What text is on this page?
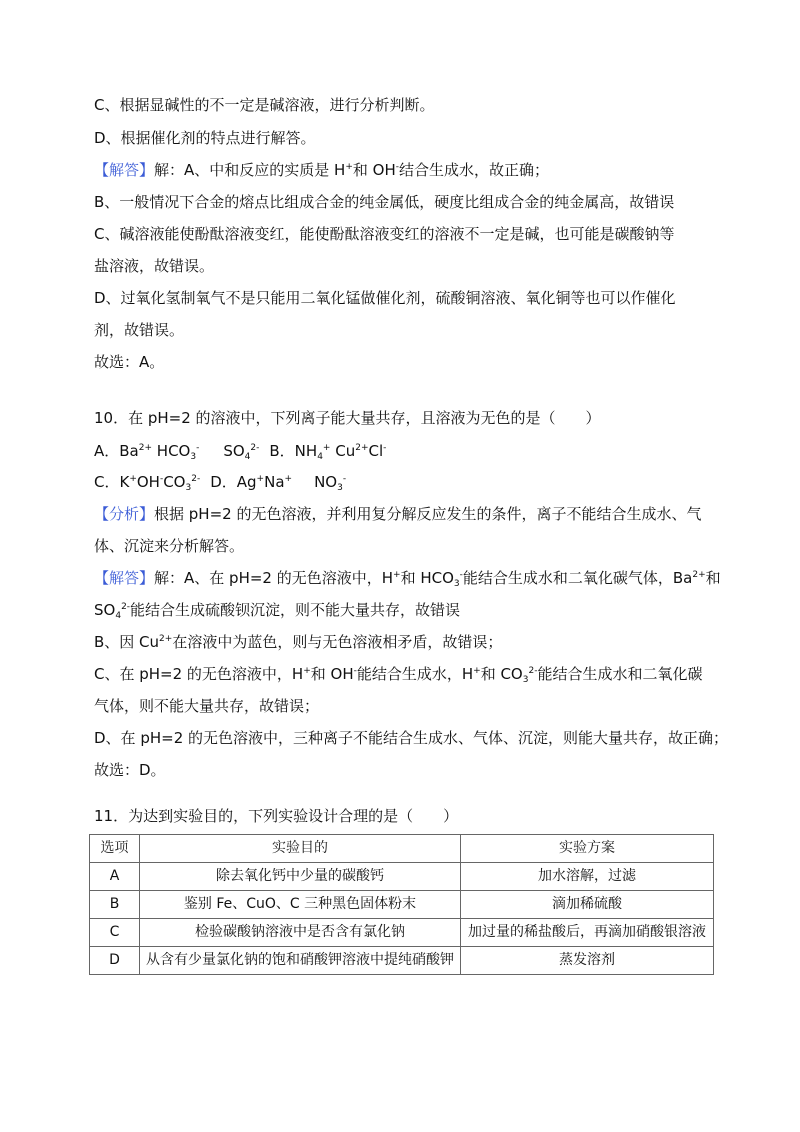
C、根据显碱性的不一定是碱溶液，进行分析判断。
D、根据催化剂的特点进行解答。
【解答】解：A、中和反应的实质是 H+和 OH-结合生成水，故正确；
B、一般情况下合金的熔点比组成合金的纯金属低，硬度比组成合金的纯金属高，故错误
C、碱溶液能使酚酞溶液变红，能使酚酞溶液变红的溶液不一定是碱，也可能是碳酸钠等
盐溶液，故错误。
D、过氧化氢制氧气不是只能用二氧化锰做催化剂，硫酸铜溶液、氧化铜等也可以作催化
剂，故错误。
故选：A。
10．在 pH=2 的溶液中，下列离子能大量共存，且溶液为无色的是（　　）
A．$Ba^{2+}$ $HCO_3^-$ $SO_4^{2-}$ B．$NH_4^+$ $Cu^{2+}Cl^-$
C．$K^+OH^-CO_3^{2-}$ D．Ag+Na+ $NO_3^-$
【分析】根据 pH=2 的无色溶液，并利用复分解反应发生的条件，离子不能结合生成水、气
体、沉淀来分析解答。
【解答】解：A、在 pH=2 的无色溶液中，H+和 $HCO_3^-$能结合生成水和二氧化碳气体，$Ba^{2+}$和
$SO_4^{2-}$能结合生成硫酸钡沉淀，则不能大量共存，故错误
B、因 $Cu^{2+}$在溶液中为蓝色，则与无色溶液相矛盾，故错误；
C、在 pH=2 的无色溶液中，H+和 OH-能结合生成水，H+和 $CO_3^{2-}$能结合生成水和二氧化碳
气体，则不能大量共存，故错误；
D、在 pH=2 的无色溶液中，三种离子不能结合生成水、气体、沉淀，则能大量共存，故正确；
故选：D。
11．为达到实验目的，下列实验设计合理的是（　　）
选项	实验目的	实验方案
A	除去氧化钙中少量的碳酸钙	加水溶解，过滤
B	鉴别 Fe、CuO、C 三种黑色固体粉末	滴加稀硫酸
C	检验碳酸钠溶液中是否含有氯化钠	加过量的稀盐酸后，再滴加硝酸银溶液
D	从含有少量氯化钠的饱和硝酸钾溶液中提纯硝酸钾	蒸发溶剂
